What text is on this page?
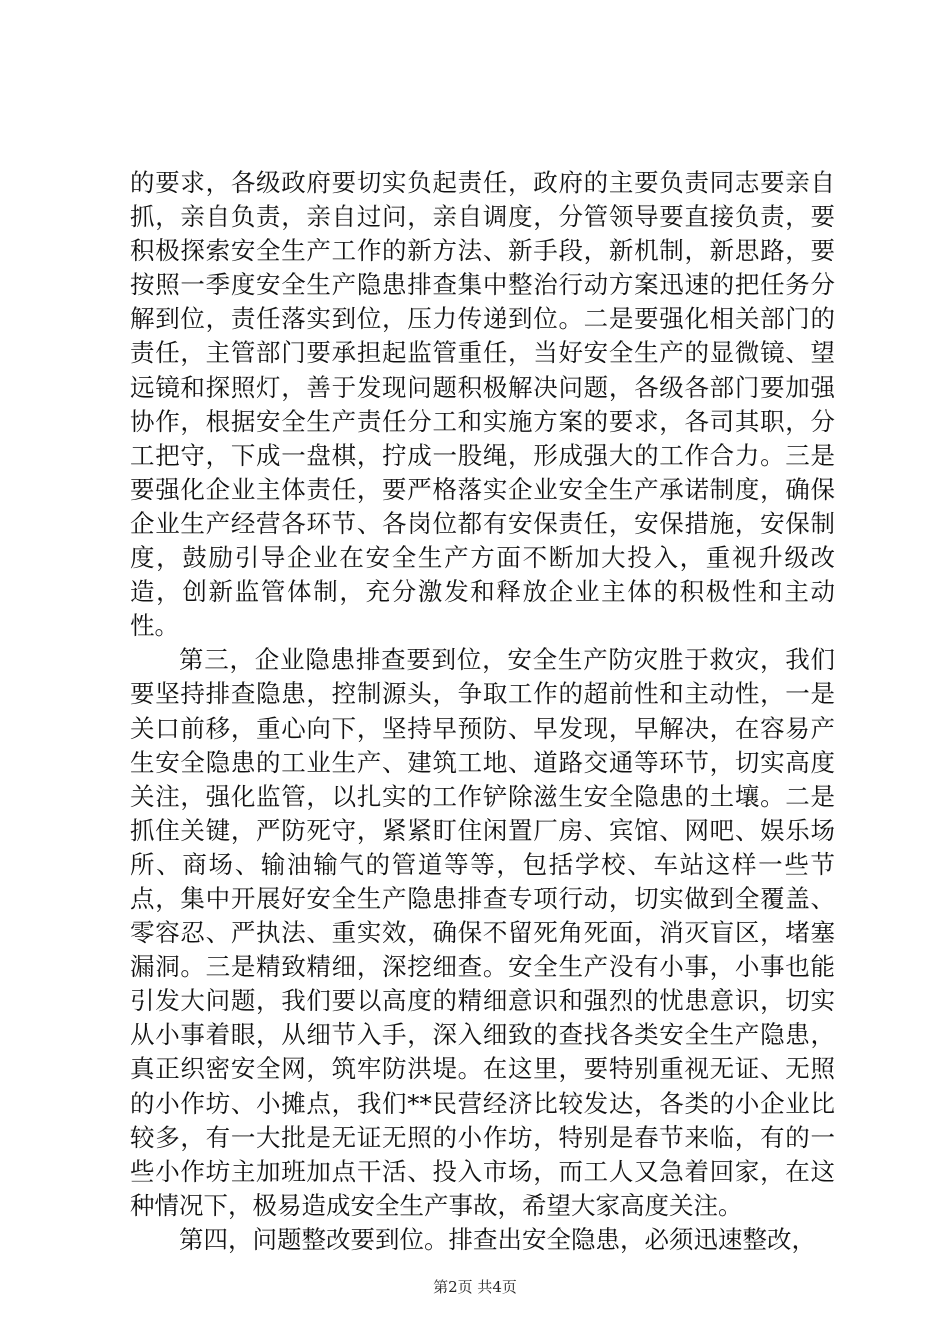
的要求，各级政府要切实负起责任，政府的主要负责同志要亲自抓，亲自负责，亲自过问，亲自调度，分管领导要直接负责，要积极探索安全生产工作的新方法、新手段，新机制，新思路，要按照一季度安全生产隐患排查集中整治行动方案迅速的把任务分解到位，责任落实到位，压力传递到位。二是要强化相关部门的责任，主管部门要承担起监管重任，当好安全生产的显微镜、望远镜和探照灯，善于发现问题积极解决问题，各级各部门要加强协作，根据安全生产责任分工和实施方案的要求，各司其职，分工把守，下成一盘棋，拧成一股绳，形成强大的工作合力。三是要强化企业主体责任，要严格落实企业安全生产承诺制度，确保企业生产经营各环节、各岗位都有安保责任，安保措施，安保制度，鼓励引导企业在安全生产方面不断加大投入，重视升级改造，创新监管体制，充分激发和释放企业主体的积极性和主动性。

第三，企业隐患排查要到位，安全生产防灾胜于救灾，我们要坚持排查隐患，控制源头，争取工作的超前性和主动性，一是关口前移，重心向下，坚持早预防、早发现，早解决，在容易产生安全隐患的工业生产、建筑工地、道路交通等环节，切实高度关注，强化监管，以扎实的工作铲除滋生安全隐患的土壤。二是抓住关键，严防死守，紧紧盯住闲置厂房、宾馆、网吧、娱乐场所、商场、输油输气的管道等等，包括学校、车站这样一些节点，集中开展好安全生产隐患排查专项行动，切实做到全覆盖、零容忍、严执法、重实效，确保不留死角死面，消灭盲区，堵塞漏洞。三是精致精细，深挖细查。安全生产没有小事，小事也能引发大问题，我们要以高度的精细意识和强烈的忧患意识，切实从小事着眼，从细节入手，深入细致的查找各类安全生产隐患，真正织密安全网，筑牢防洪堤。在这里，要特别重视无证、无照的小作坊、小摊点，我们**民营经济比较发达，各类的小企业比较多，有一大批是无证无照的小作坊，特别是春节来临，有的一些小作坊主加班加点干活、投入市场，而工人又急着回家，在这种情况下，极易造成安全生产事故，希望大家高度关注。

第四，问题整改要到位。排查出安全隐患，必须迅速整改，

第2页 共4页
